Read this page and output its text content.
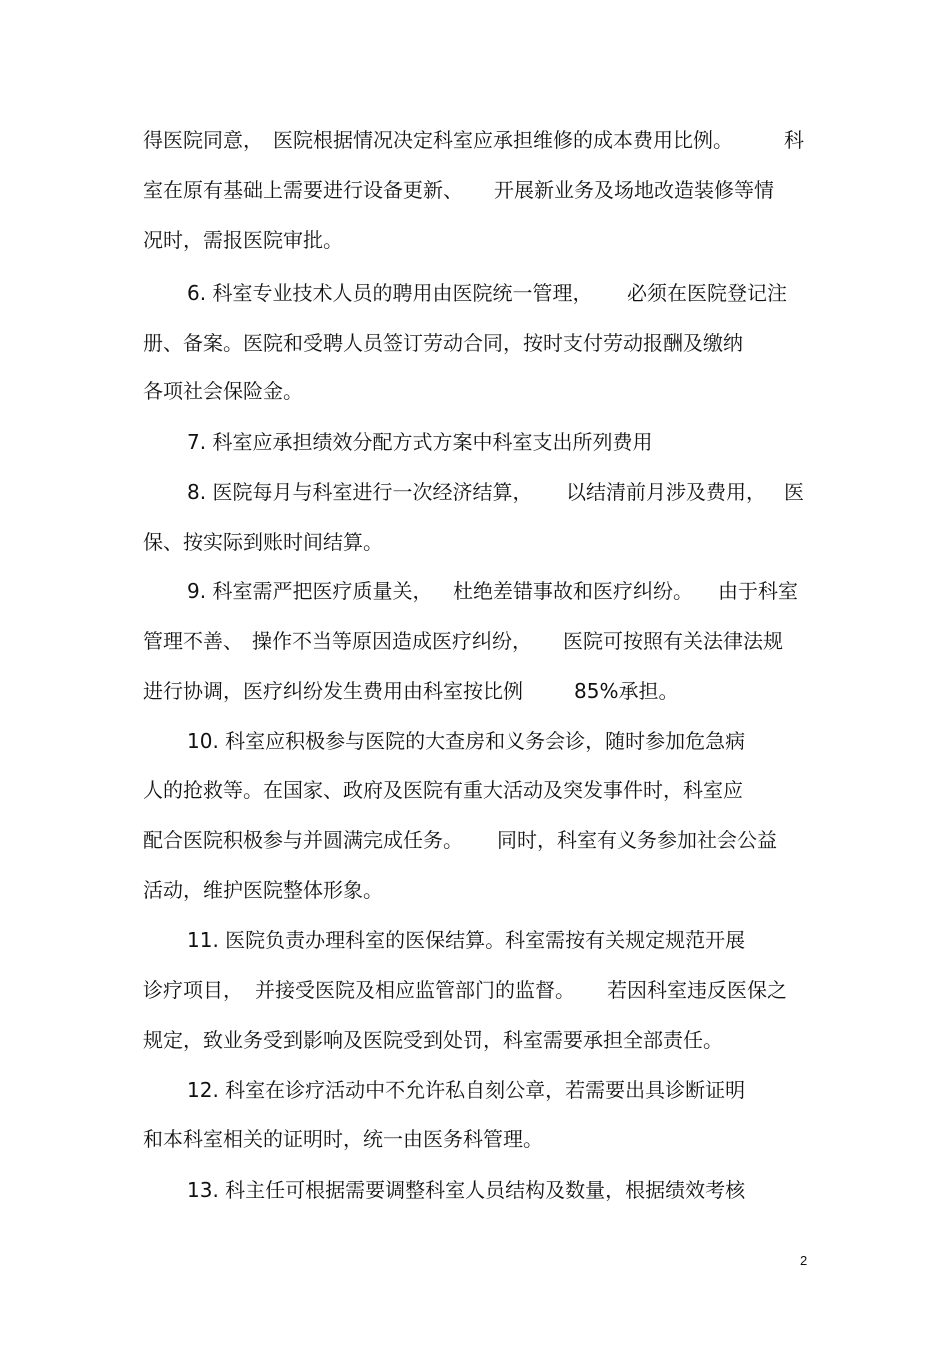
得医院同意，

医院根据情况决定科室应承担维修的成本费用比例。

	科

室在原有基础上需要进行设备更新、

开展新业务及场地改造装修等情

况时，需报医院审批。

6. 科室专业技术人员的聘用由医院统一管理，

必须在医院登记注

册、备案。医院和受聘人员签订劳动合同，按时支付劳动报酬及缴纳

各项社会保险金。

7. 科室应承担绩效分配方式方案中科室支出所列费用

8. 医院每月与科室进行一次经济结算，

以结清前月涉及费用，

医

保、按实际到账时间结算。

9. 科室需严把医疗质量关，

杜绝差错事故和医疗纠纷。

由于科室

管理不善、

操作不当等原因造成医疗纠纷，

医院可按照有关法律法规

进行协调，医疗纠纷发生费用由科室按比例

	85%承担。

10. 科室应积极参与医院的大查房和义务会诊，随时参加危急病

人的抢救等。在国家、政府及医院有重大活动及突发事件时，科室应

配合医院积极参与并圆满完成任务。

同时，科室有义务参加社会公益

活动，维护医院整体形象。

11. 医院负责办理科室的医保结算。科室需按有关规定规范开展

诊疗项目，

并接受医院及相应监管部门的监督。

若因科室违反医保之

规定，致业务受到影响及医院受到处罚，科室需要承担全部责任。

12. 科室在诊疗活动中不允许私自刻公章，若需要出具诊断证明

和本科室相关的证明时，统一由医务科管理。

13. 科主任可根据需要调整科室人员结构及数量，根据绩效考核

2
